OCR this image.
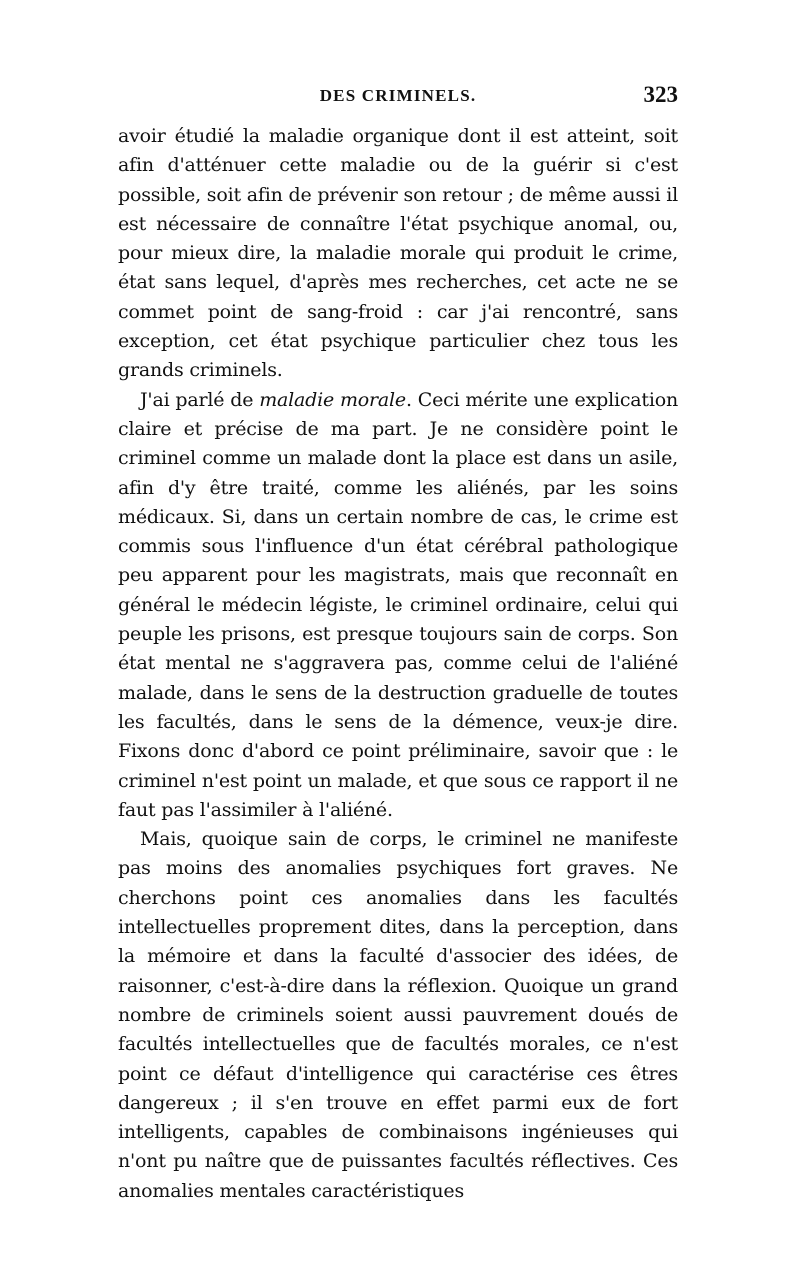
DES CRIMINELS.	323

avoir étudié la maladie organique dont il est atteint, soit afin d'atténuer cette maladie ou de la guérir si c'est possible, soit afin de prévenir son retour ; de même aussi il est nécessaire de connaître l'état psychique anomal, ou, pour mieux dire, la maladie morale qui produit le crime, état sans lequel, d'après mes recherches, cet acte ne se commet point de sang-froid : car j'ai rencontré, sans exception, cet état psychique particulier chez tous les grands criminels.

J'ai parlé de maladie morale. Ceci mérite une explication claire et précise de ma part. Je ne considère point le criminel comme un malade dont la place est dans un asile, afin d'y être traité, comme les aliénés, par les soins médicaux. Si, dans un certain nombre de cas, le crime est commis sous l'influence d'un état cérébral pathologique peu apparent pour les magistrats, mais que reconnaît en général le médecin légiste, le criminel ordinaire, celui qui peuple les prisons, est presque toujours sain de corps. Son état mental ne s'aggravera pas, comme celui de l'aliéné malade, dans le sens de la destruction graduelle de toutes les facultés, dans le sens de la démence, veux-je dire. Fixons donc d'abord ce point préliminaire, savoir que : le criminel n'est point un malade, et que sous ce rapport il ne faut pas l'assimiler à l'aliéné.

Mais, quoique sain de corps, le criminel ne manifeste pas moins des anomalies psychiques fort graves. Ne cherchons point ces anomalies dans les facultés intellectuelles proprement dites, dans la perception, dans la mémoire et dans la faculté d'associer des idées, de raisonner, c'est-à-dire dans la réflexion. Quoique un grand nombre de criminels soient aussi pauvrement doués de facultés intellectuelles que de facultés morales, ce n'est point ce défaut d'intelligence qui caractérise ces êtres dangereux ; il s'en trouve en effet parmi eux de fort intelligents, capables de combinaisons ingénieuses qui n'ont pu naître que de puissantes facultés réflectives. Ces anomalies mentales caractéristiques
